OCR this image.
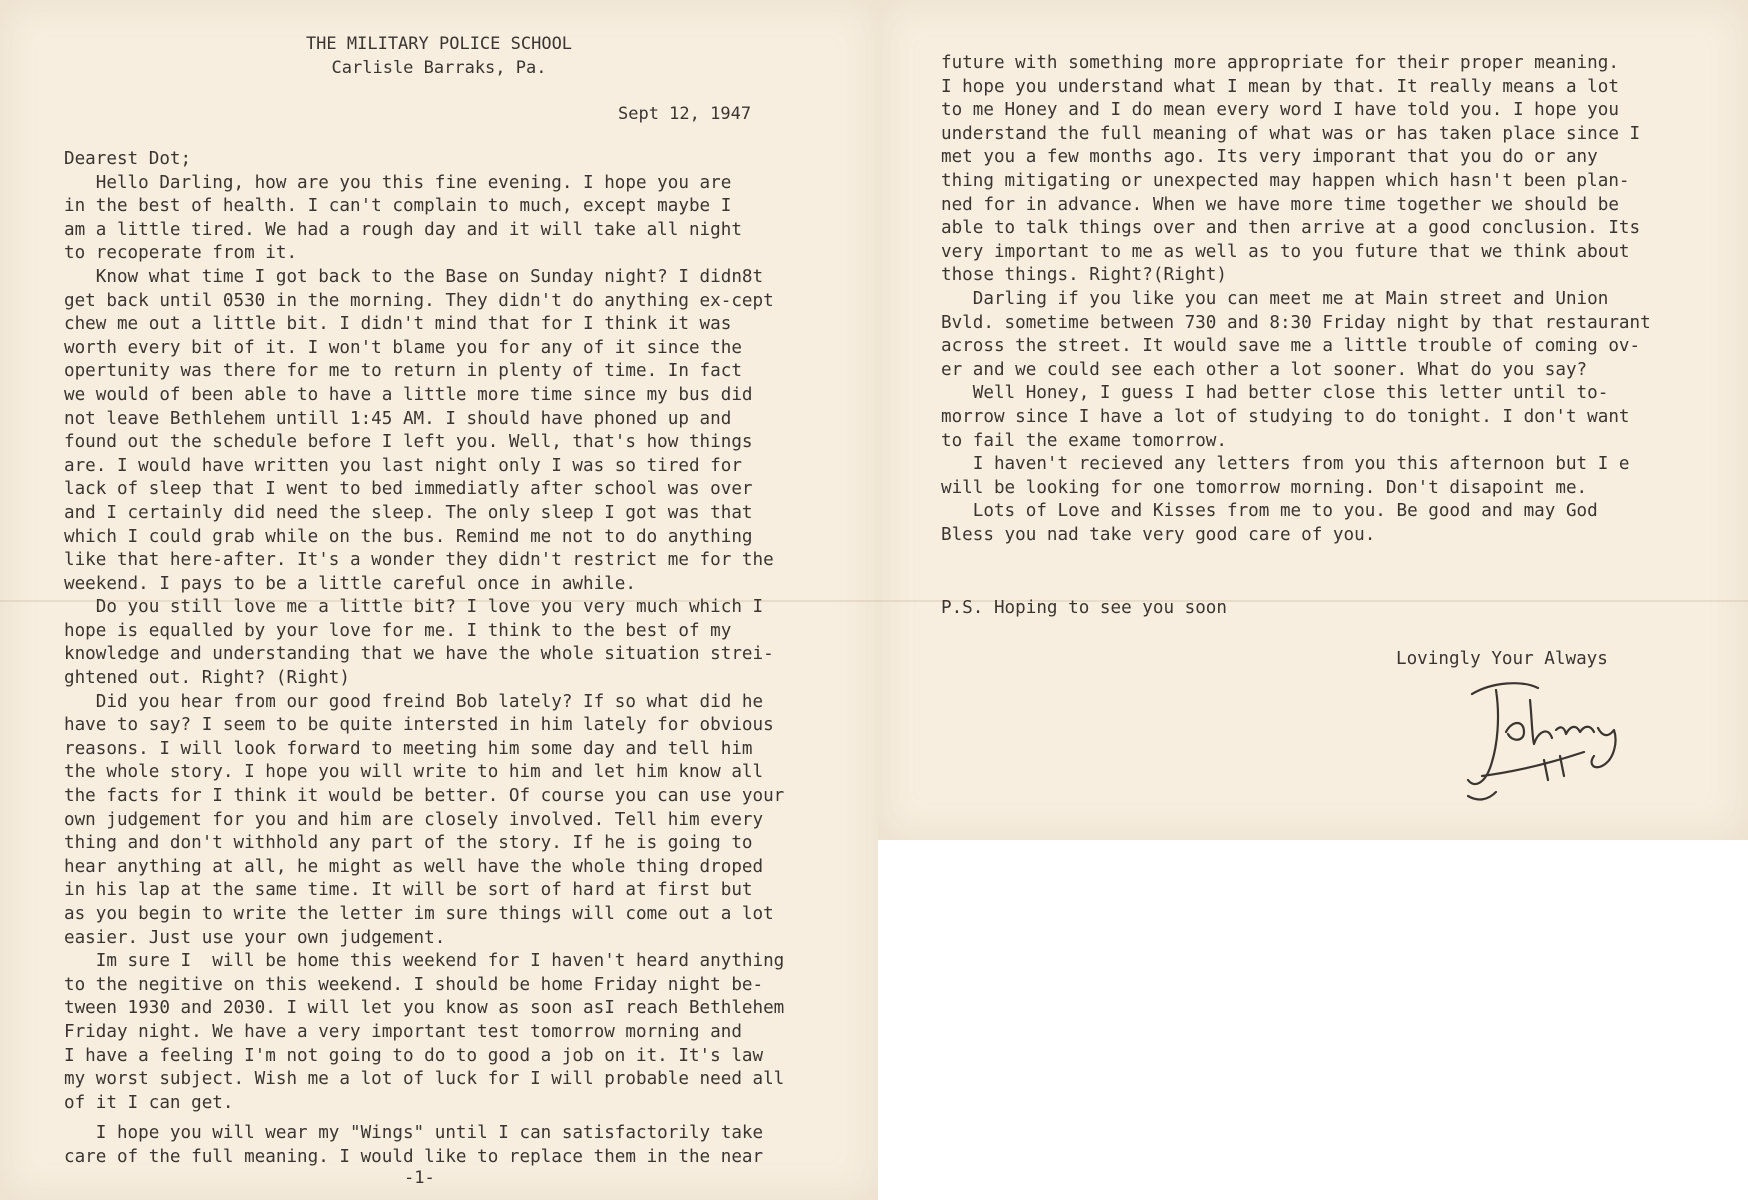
THE MILITARY POLICE SCHOOL
Carlisle Barraks, Pa.
Sept 12, 1947
Dearest Dot;
Hello Darling, how are you this fine evening. I hope you are
in the best of health. I can't complain to much, except maybe I
am a little tired. We had a rough day and it will take all night
to recoperate from it.
Know what time I got back to the Base on Sunday night? I didn8t
get back until 0530 in the morning. They didn't do anything ex-cept
chew me out a little bit. I didn't mind that for I think it was
worth every bit of it. I won't blame you for any of it since the
opertunity was there for me to return in plenty of time. In fact
we would of been able to have a little more time since my bus did
not leave Bethlehem untill 1:45 AM. I should have phoned up and
found out the schedule before I left you. Well, that's how things
are. I would have written you last night only I was so tired for
lack of sleep that I went to bed immediatly after school was over
and I certainly did need the sleep. The only sleep I got was that
which I could grab while on the bus. Remind me not to do anything
like that here-after. It's a wonder they didn't restrict me for the
weekend. I pays to be a little careful once in awhile.
Do you still love me a little bit? I love you very much which I
hope is equalled by your love for me. I think to the best of my
knowledge and understanding that we have the whole situation strei-
ghtened out. Right? (Right)
Did you hear from our good freind Bob lately? If so what did he
have to say? I seem to be quite intersted in him lately for obvious
reasons. I will look forward to meeting him some day and tell him
the whole story. I hope you will write to him and let him know all
the facts for I think it would be better. Of course you can use your
own judgement for you and him are closely involved. Tell him every
thing and don't withhold any part of the story. If he is going to
hear anything at all, he might as well have the whole thing droped
in his lap at the same time. It will be sort of hard at first but
as you begin to write the letter im sure things will come out a lot
easier. Just use your own judgement.
Im sure I  will be home this weekend for I haven't heard anything
to the negitive on this weekend. I should be home Friday night be-
tween 1930 and 2030. I will let you know as soon asI reach Bethlehem
Friday night. We have a very important test tomorrow morning and
I have a feeling I'm not going to do to good a job on it. It's law
my worst subject. Wish me a lot of luck for I will probable need all
of it I can get.
I hope you will wear my "Wings" until I can satisfactorily take
care of the full meaning. I would like to replace them in the near
-1-
future with something more appropriate for their proper meaning.
I hope you understand what I mean by that. It really means a lot
to me Honey and I do mean every word I have told you. I hope you
understand the full meaning of what was or has taken place since I
met you a few months ago. Its very imporant that you do or any
thing mitigating or unexpected may happen which hasn't been plan-
ned for in advance. When we have more time together we should be
able to talk things over and then arrive at a good conclusion. Its
very important to me as well as to you future that we think about
those things. Right?(Right)
Darling if you like you can meet me at Main street and Union
Bvld. sometime between 730 and 8:30 Friday night by that restaurant
across the street. It would save me a little trouble of coming ov-
er and we could see each other a lot sooner. What do you say?
Well Honey, I guess I had better close this letter until to-
morrow since I have a lot of studying to do tonight. I don't want
to fail the exame tomorrow.
I haven't recieved any letters from you this afternoon but I e
will be looking for one tomorrow morning. Don't disapoint me.
Lots of Love and Kisses from me to you. Be good and may God
Bless you nad take very good care of you.
P.S. Hoping to see you soon
Lovingly Your Always
